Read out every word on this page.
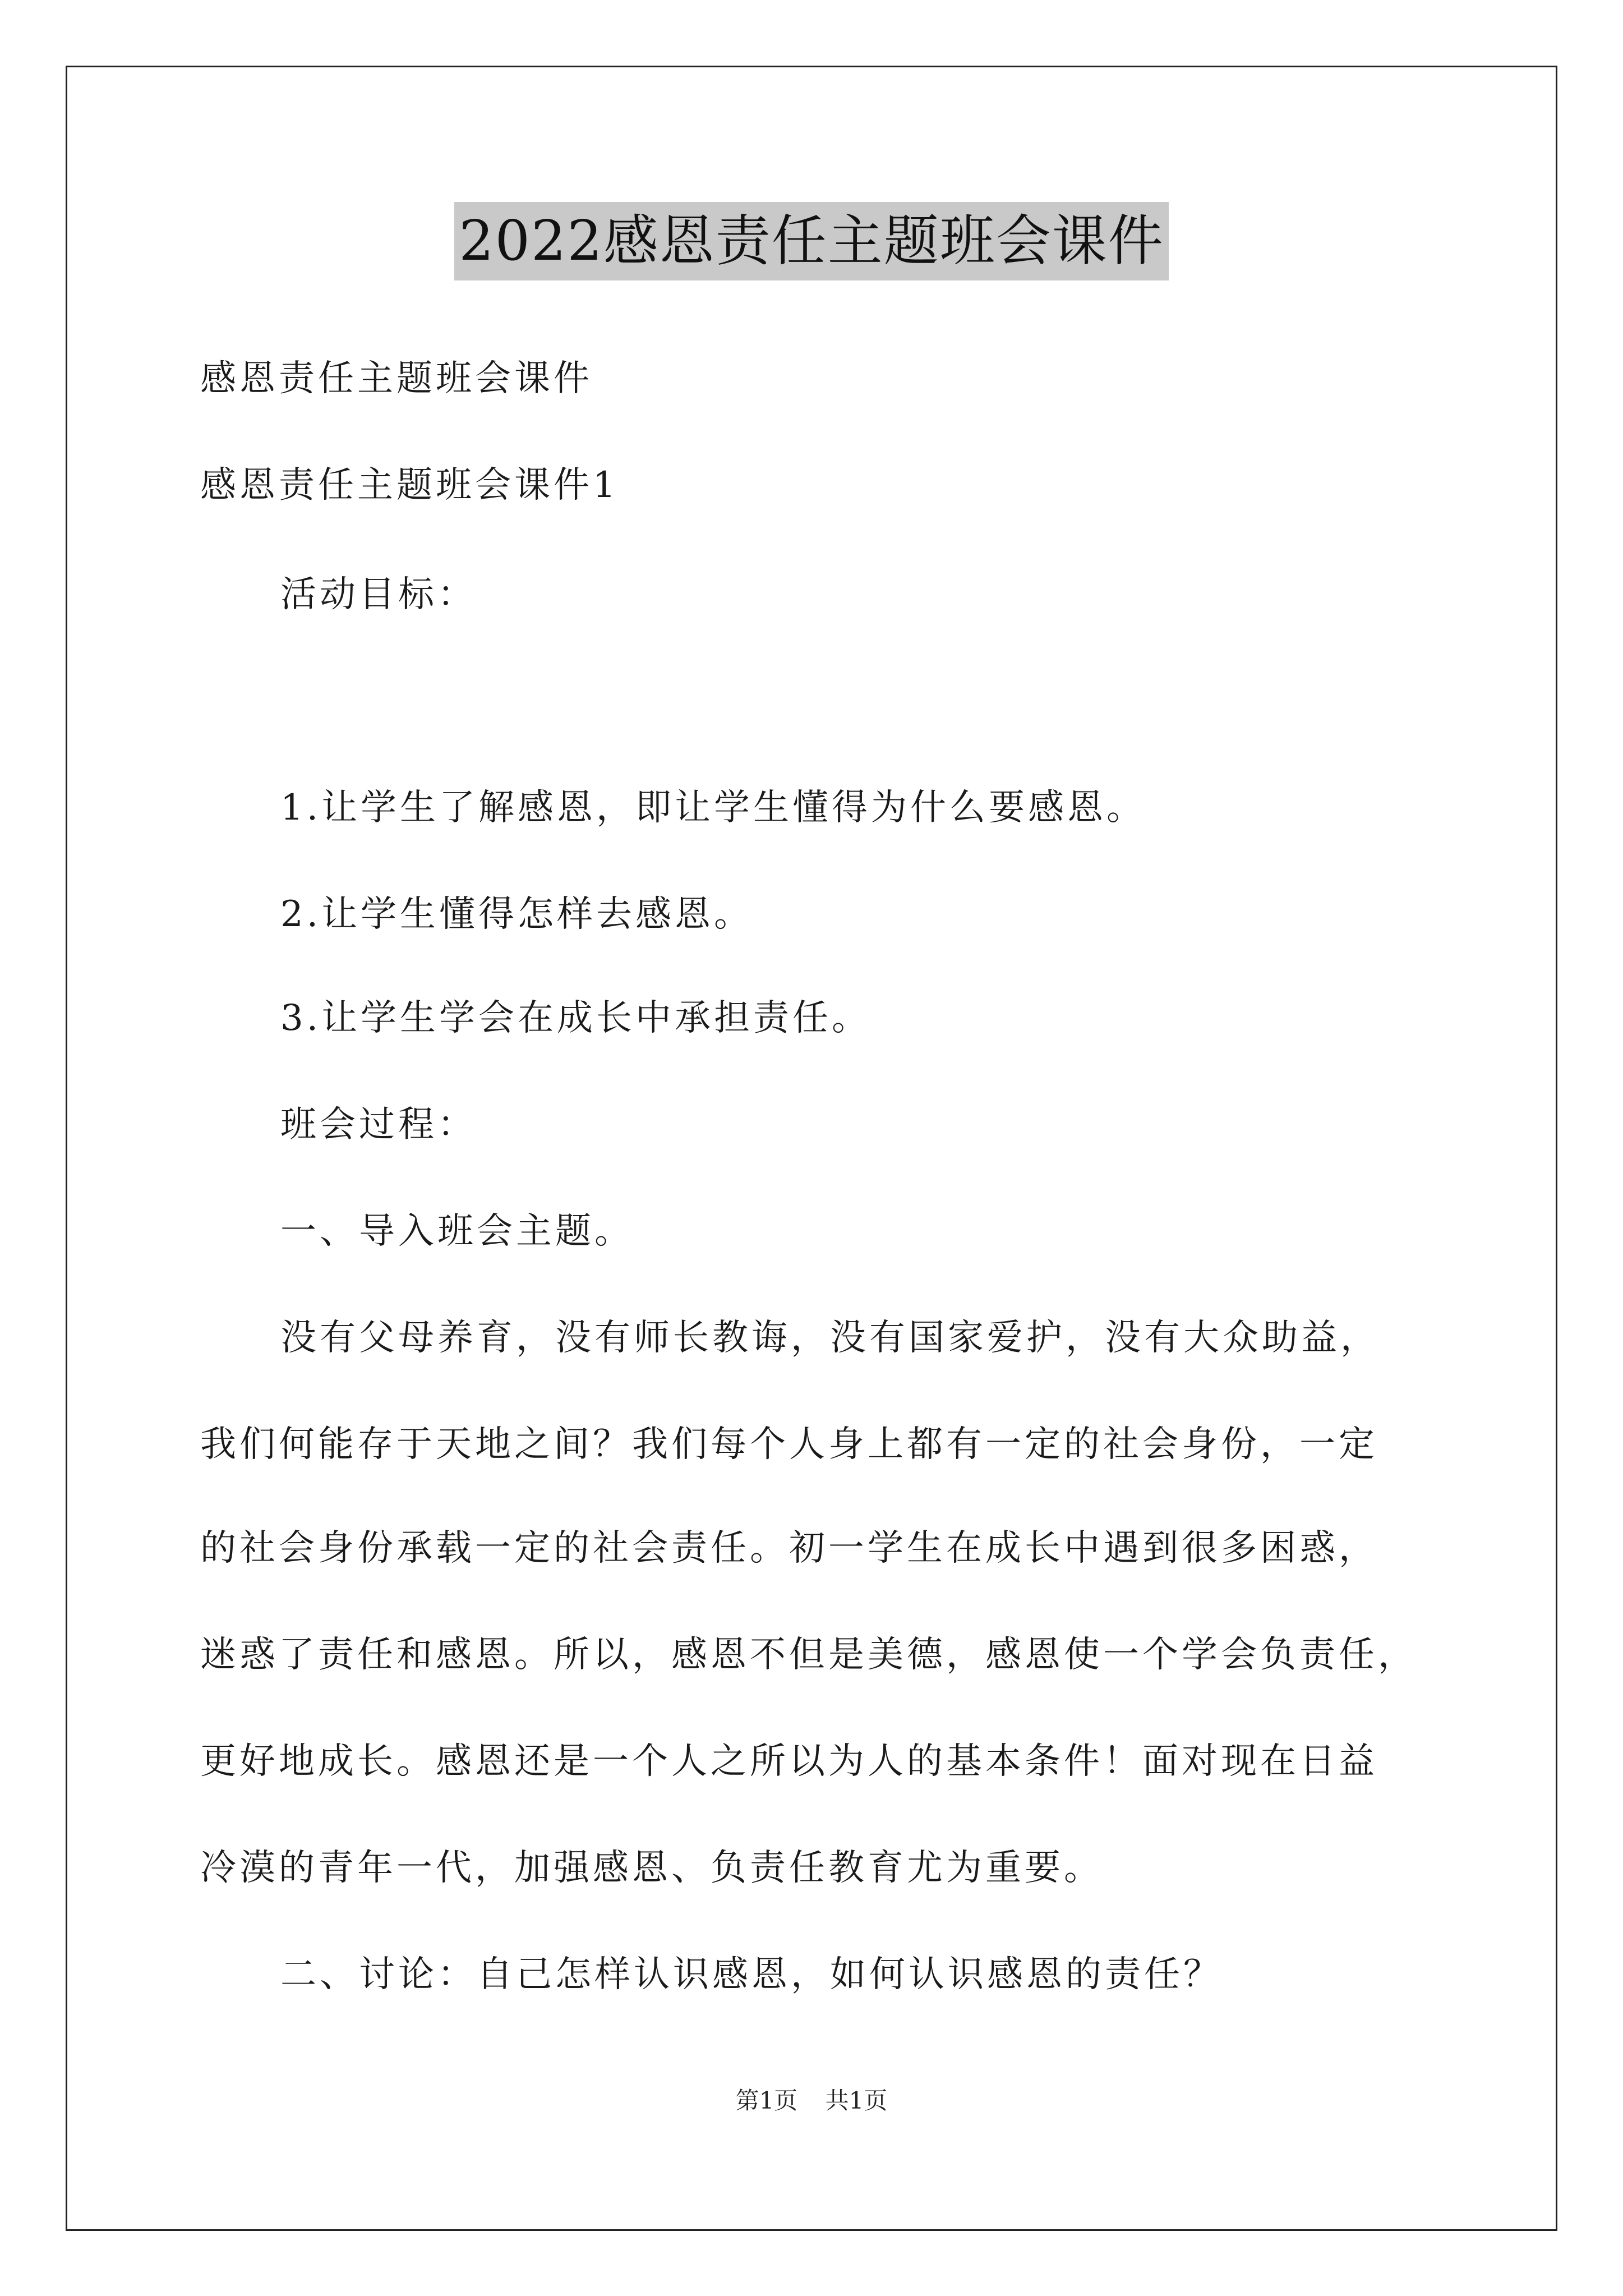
2022感恩责任主题班会课件
感恩责任主题班会课件
感恩责任主题班会课件1
活动目标：
1.让学生了解感恩，即让学生懂得为什么要感恩。
2.让学生懂得怎样去感恩。
3.让学生学会在成长中承担责任。
班会过程：
一、导入班会主题。
没有父母养育，没有师长教诲，没有国家爱护，没有大众助益，
我们何能存于天地之间？我们每个人身上都有一定的社会身份，一定
的社会身份承载一定的社会责任。初一学生在成长中遇到很多困惑，
迷惑了责任和感恩。所以，感恩不但是美德，感恩使一个学会负责任，
更好地成长。感恩还是一个人之所以为人的基本条件！面对现在日益
冷漠的青年一代，加强感恩、负责任教育尤为重要。
二、讨论：自己怎样认识感恩，如何认识感恩的责任？
第1页 共1页
